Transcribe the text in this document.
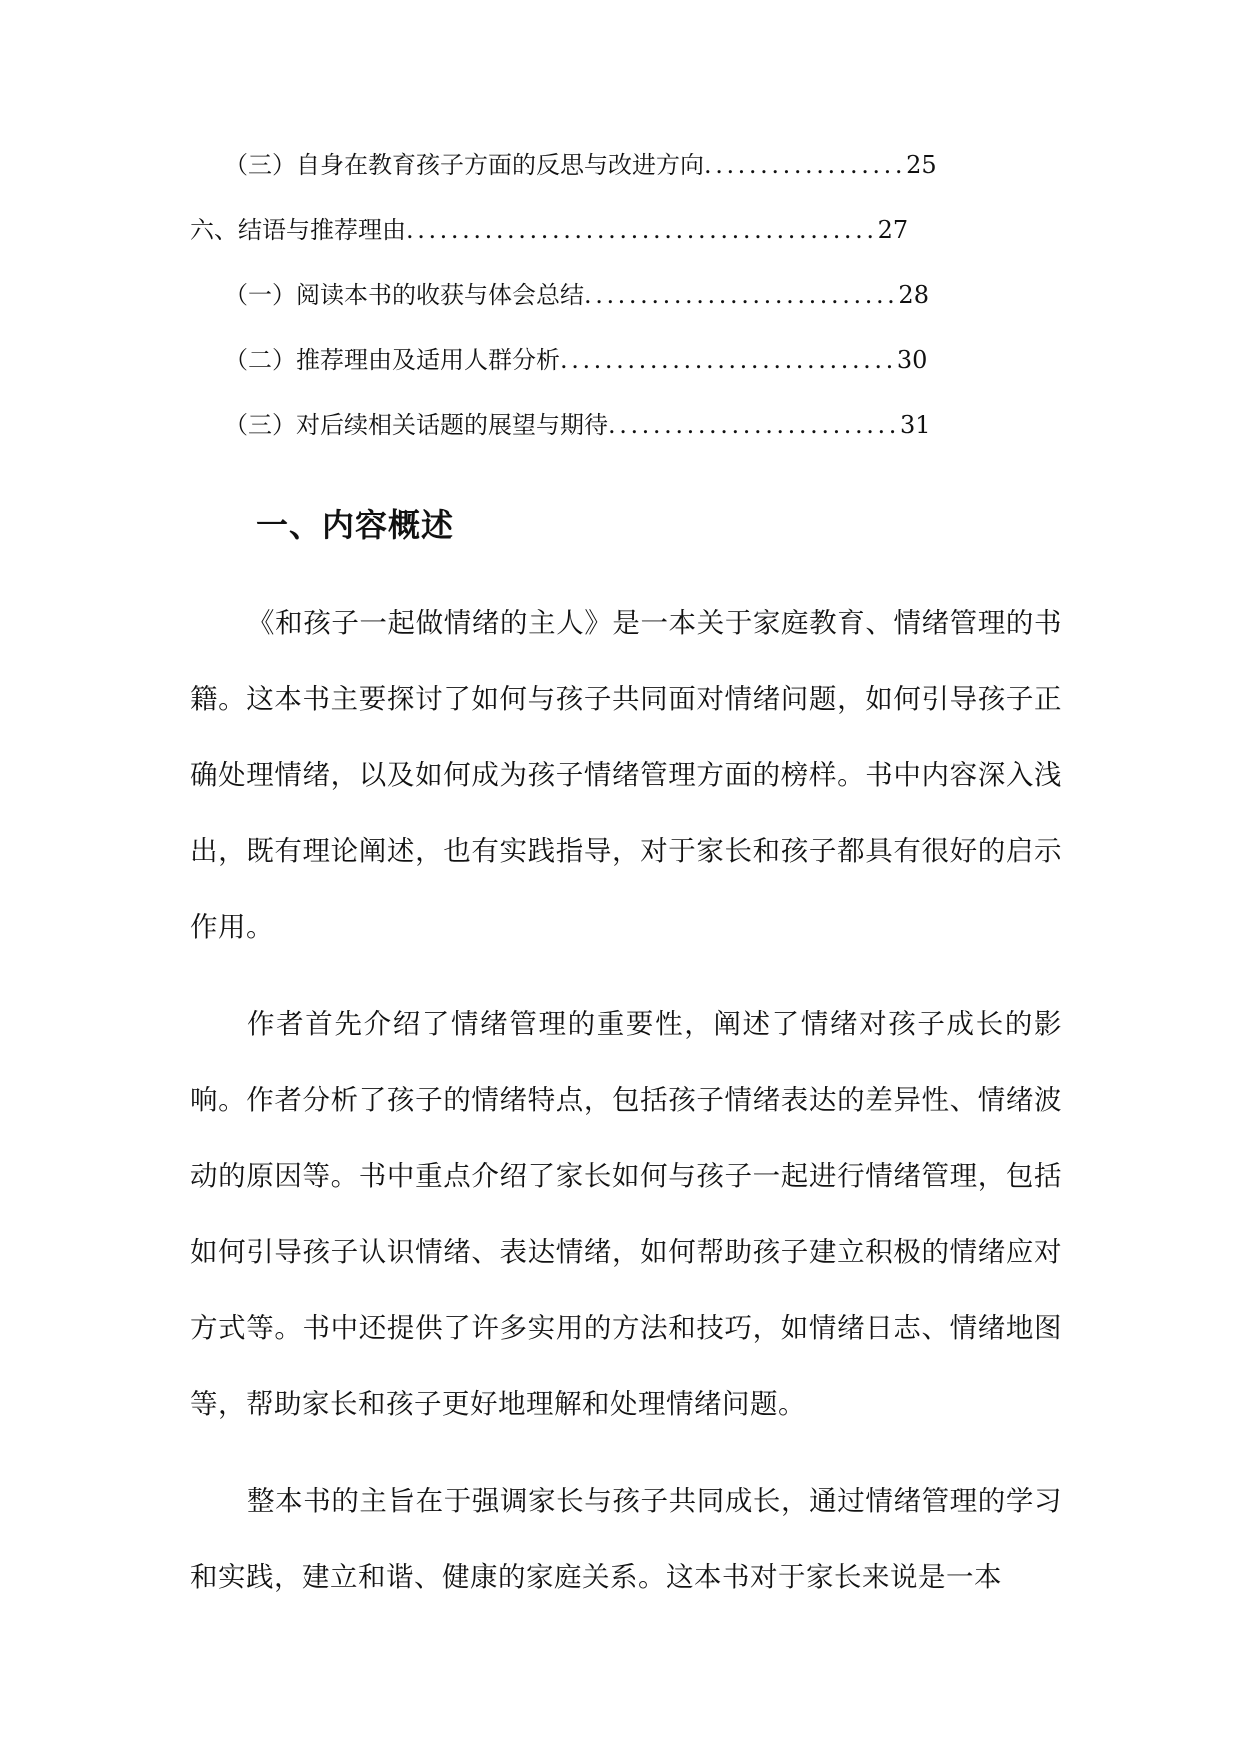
（三）自身在教育孩子方面的反思与改进方向..................25
六、结语与推荐理由..........................................27
（一）阅读本书的收获与体会总结............................28
（二）推荐理由及适用人群分析..............................30
（三）对后续相关话题的展望与期待..........................31
一、内容概述

《和孩子一起做情绪的主人》是一本关于家庭教育、情绪管理的书籍。这本书主要探讨了如何与孩子共同面对情绪问题，如何引导孩子正确处理情绪，以及如何成为孩子情绪管理方面的榜样。书中内容深入浅出，既有理论阐述，也有实践指导，对于家长和孩子都具有很好的启示作用。

作者首先介绍了情绪管理的重要性，阐述了情绪对孩子成长的影响。作者分析了孩子的情绪特点，包括孩子情绪表达的差异性、情绪波动的原因等。书中重点介绍了家长如何与孩子一起进行情绪管理，包括如何引导孩子认识情绪、表达情绪，如何帮助孩子建立积极的情绪应对方式等。书中还提供了许多实用的方法和技巧，如情绪日志、情绪地图等，帮助家长和孩子更好地理解和处理情绪问题。

整本书的主旨在于强调家长与孩子共同成长，通过情绪管理的学习和实践，建立和谐、健康的家庭关系。这本书对于家长来说是一本
